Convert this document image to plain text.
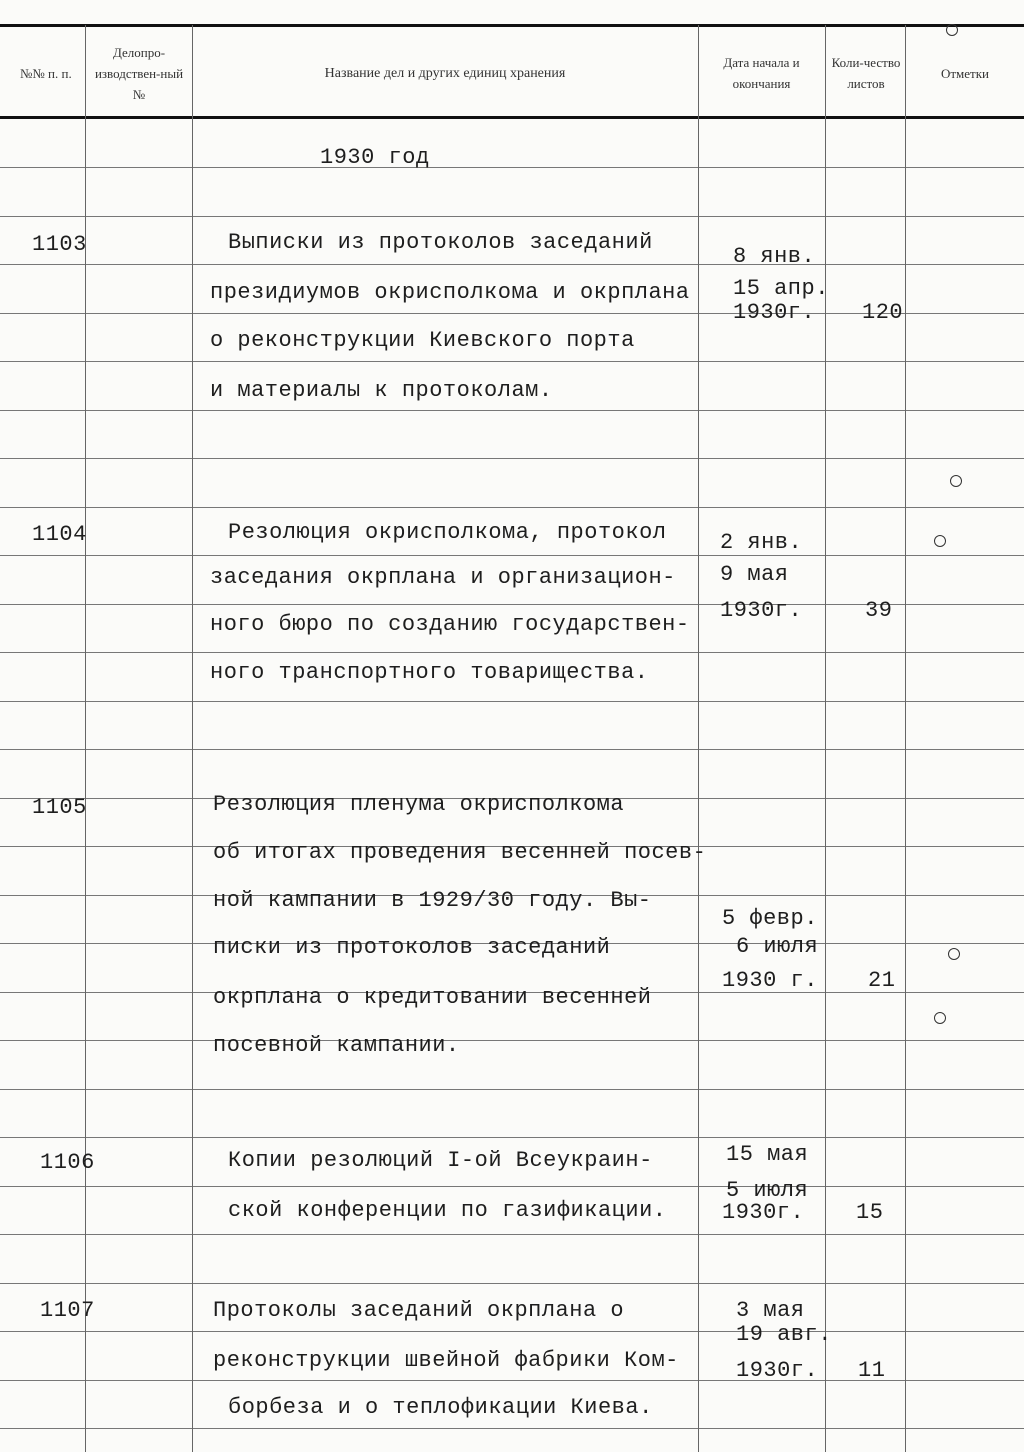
№№ п. п.
Делопро-изводствен-ный №
Название дел и других единиц хранения
Дата начала и окончания
Коли-чество листов
Отметки
1930 год
1103	Выписки из протоколов заседаний
президиумов окрисполкома и окрплана
о реконструкции Киевского порта
и материалы к протоколам.
8 янв.
15 апр.
1930г. 120
1104	Резолюция окрисполкома, протокол
заседания окрплана и организацион-
ного бюро по созданию государствен-
ного транспортного товарищества.
2 янв.
9 мая
1930г.	39
1105	Резолюция пленума окрисполкома
об итогах проведения весенней посев-
ной кампании в 1929/30 году. Вы-
писки из протоколов заседаний
окрплана о кредитовании весенней
посевной кампании.
5 февр.
6 июля
1930 г. 21
1106	Копии резолюций I-ой Всеукраин-
ской конференции по газификации.
15 мая
5 июля
1930г. 15
1107	Протоколы заседаний окрплана о
реконструкции швейной фабрики Ком-
борбеза и о теплофикации Киева.
3 мая
19 авг.
1930г. 11
